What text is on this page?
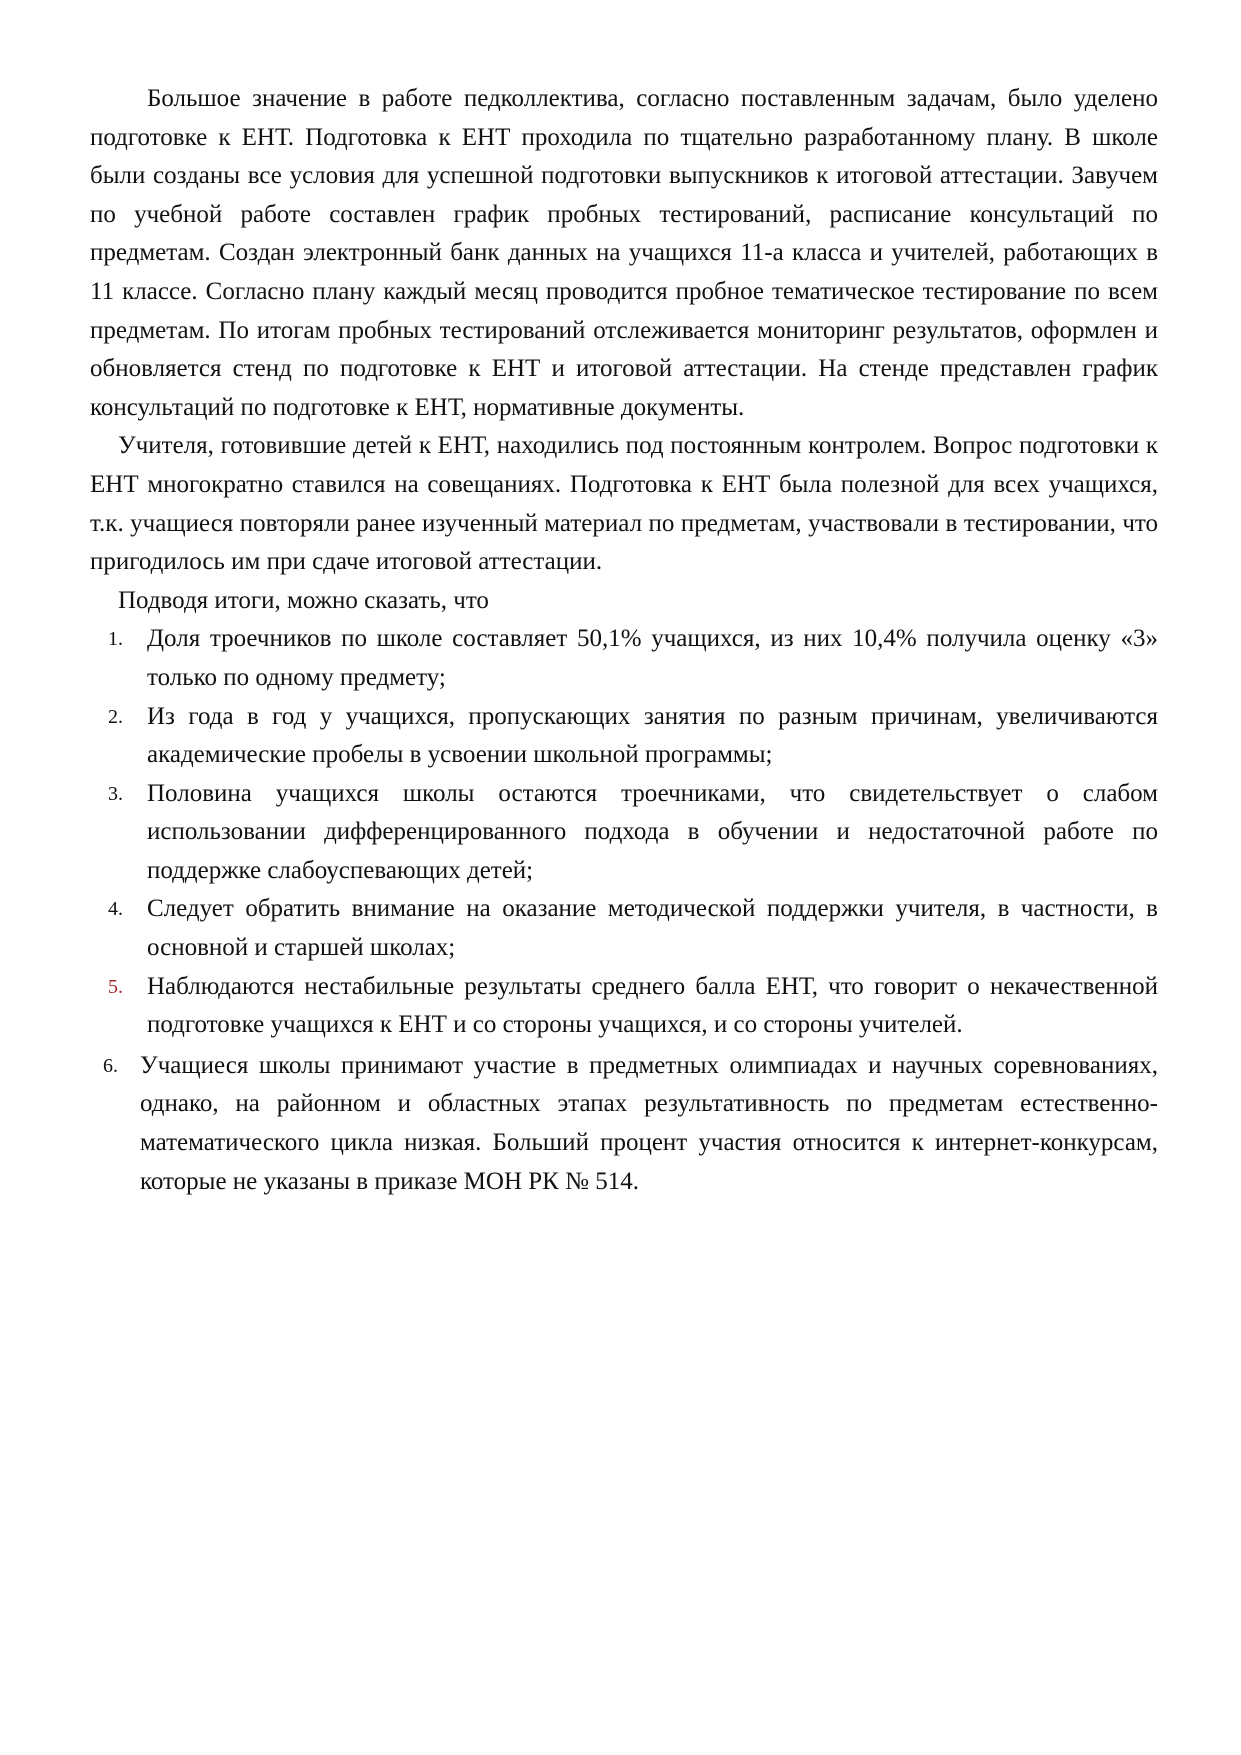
Большое значение в работе педколлектива, согласно поставленным задачам, было уделено подготовке к ЕНТ. Подготовка к ЕНТ проходила по тщательно разработанному плану. В школе были созданы все условия для успешной подготовки выпускников к итоговой аттестации. Завучем по учебной работе составлен график пробных тестирований, расписание консультаций по предметам. Создан электронный банк данных на учащихся 11-а класса и учителей, работающих в 11 классе. Согласно плану каждый месяц проводится пробное тематическое тестирование по всем предметам. По итогам пробных тестирований отслеживается мониторинг результатов, оформлен и обновляется стенд по подготовке к ЕНТ и итоговой аттестации. На стенде представлен график консультаций по подготовке к ЕНТ, нормативные документы.

Учителя, готовившие детей к ЕНТ, находились под постоянным контролем. Вопрос подготовки к ЕНТ многократно ставился на совещаниях. Подготовка к ЕНТ была полезной для всех учащихся, т.к. учащиеся повторяли ранее изученный материал по предметам, участвовали в тестировании, что пригодилось им при сдаче итоговой аттестации.

Подводя итоги, можно сказать, что

1. Доля троечников по школе составляет 50,1% учащихся, из них 10,4% получила оценку «3» только по одному предмету;
2. Из года в год у учащихся, пропускающих занятия по разным причинам, увеличиваются академические пробелы в усвоении школьной программы;
3. Половина учащихся школы остаются троечниками, что свидетельствует о слабом использовании дифференцированного подхода в обучении и недостаточной работе по поддержке слабоуспевающих детей;
4. Следует обратить внимание на оказание методической поддержки учителя, в частности, в основной и старшей школах;
5. Наблюдаются нестабильные результаты среднего балла ЕНТ, что говорит о некачественной подготовке учащихся к ЕНТ и со стороны учащихся, и со стороны учителей.
6. Учащиеся школы принимают участие в предметных олимпиадах и научных соревнованиях, однако, на районном и областных этапах результативность по предметам естественно-математического цикла низкая. Больший процент участия относится к интернет-конкурсам, которые не указаны в приказе МОН РК № 514.
